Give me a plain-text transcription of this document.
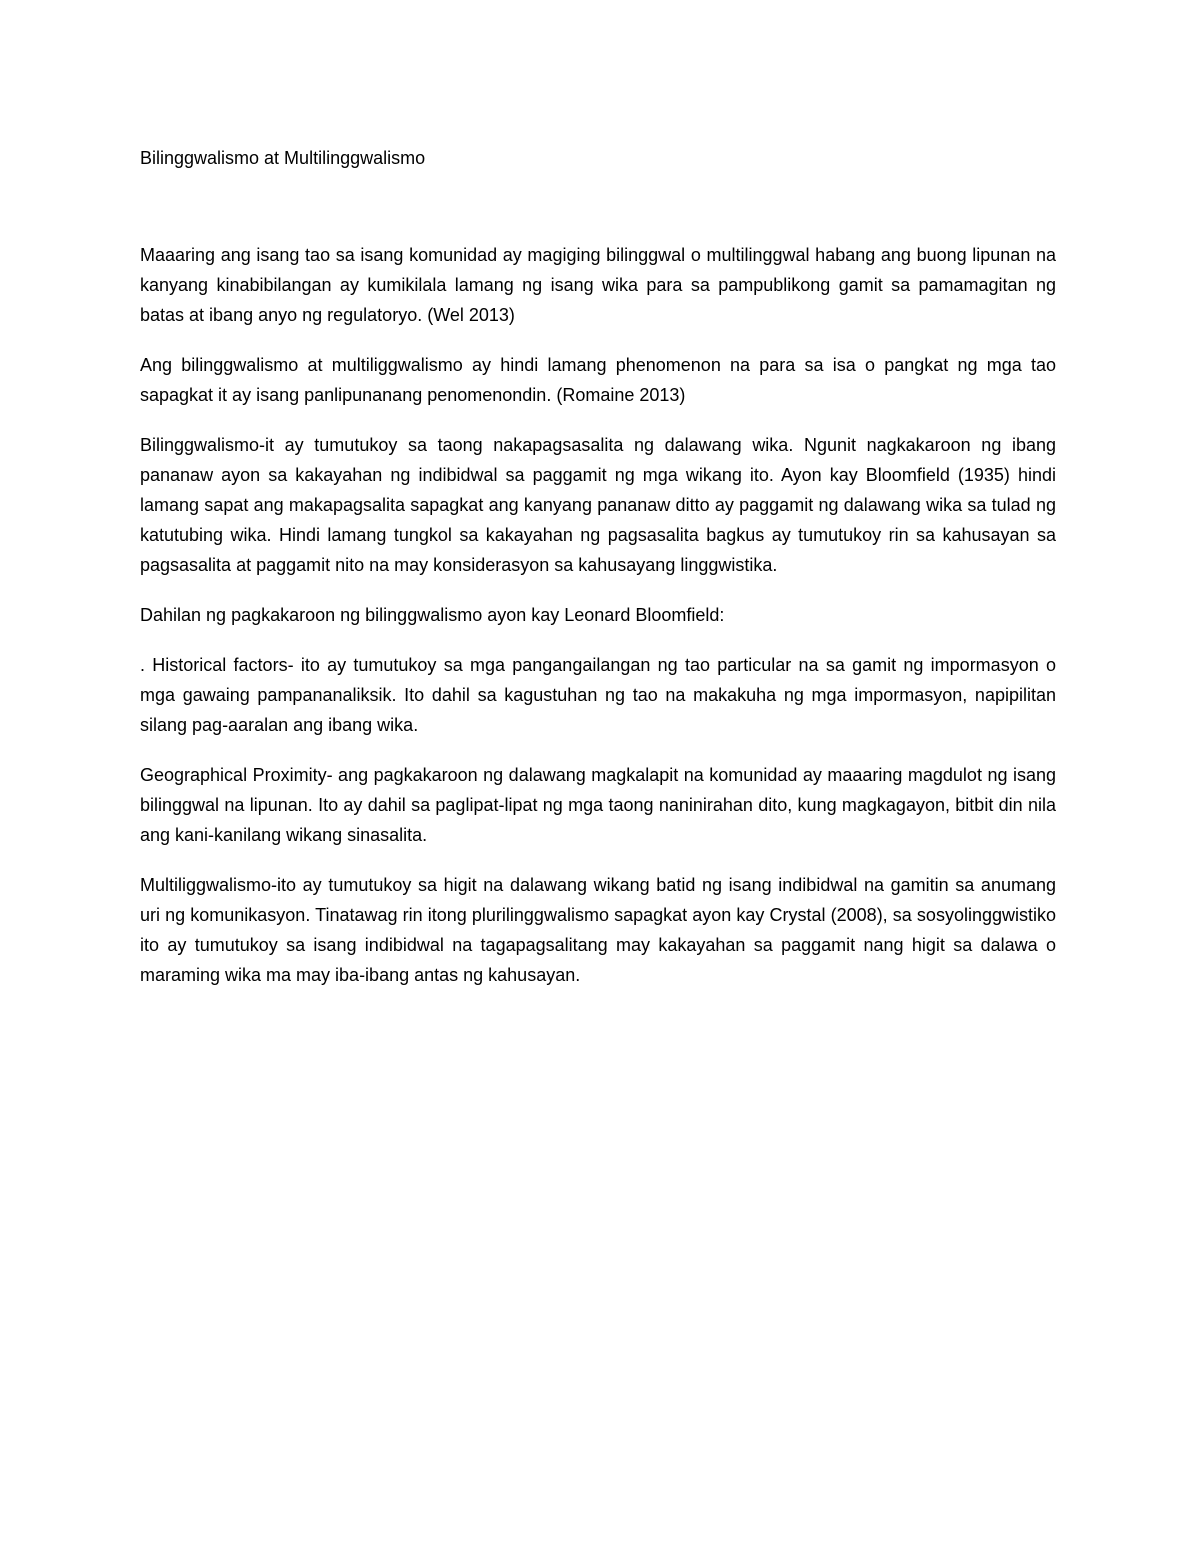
Bilinggwalismo at Multilinggwalismo

Maaaring ang isang tao sa isang komunidad ay magiging bilinggwal o multilinggwal habang ang buong lipunan na kanyang kinabibilangan ay kumikilala lamang ng isang wika para sa pampublikong gamit sa pamamagitan ng batas at ibang anyo ng regulatoryo. (Wel 2013)

Ang bilinggwalismo at multiliggwalismo ay hindi lamang phenomenon na para sa isa o pangkat ng mga tao sapagkat it ay isang panlipunanang penomenondin. (Romaine 2013)

Bilinggwalismo-it ay tumutukoy sa taong nakapagsasalita ng dalawang wika. Ngunit nagkakaroon ng ibang pananaw ayon sa kakayahan ng indibidwal sa paggamit ng mga wikang ito. Ayon kay Bloomfield (1935) hindi lamang sapat ang makapagsalita sapagkat ang kanyang pananaw ditto ay paggamit ng dalawang wika sa tulad ng katutubing wika. Hindi lamang tungkol sa kakayahan ng pagsasalita bagkus ay tumutukoy rin sa kahusayan sa pagsasalita at paggamit nito na may konsiderasyon sa kahusayang linggwistika.

Dahilan ng pagkakaroon ng bilinggwalismo ayon kay Leonard Bloomfield:

. Historical factors- ito ay tumutukoy sa mga pangangailangan ng tao particular na sa gamit ng impormasyon o mga gawaing pampananaliksik. Ito dahil sa kagustuhan ng tao na makakuha ng mga impormasyon, napipilitan silang pag-aaralan ang ibang wika.

Geographical Proximity- ang pagkakaroon ng dalawang magkalapit na komunidad ay maaaring magdulot ng isang bilinggwal na lipunan. Ito ay dahil sa paglipat-lipat ng mga taong naninirahan dito, kung magkagayon, bitbit din nila ang kani-kanilang wikang sinasalita.

Multiliggwalismo-ito ay tumutukoy sa higit na dalawang wikang batid ng isang indibidwal na gamitin sa anumang uri ng komunikasyon. Tinatawag rin itong plurilinggwalismo sapagkat ayon kay Crystal (2008), sa sosyolinggwistiko ito ay tumutukoy sa isang indibidwal na tagapagsalitang may kakayahan sa paggamit nang higit sa dalawa o maraming wika ma may iba-ibang antas ng kahusayan.
